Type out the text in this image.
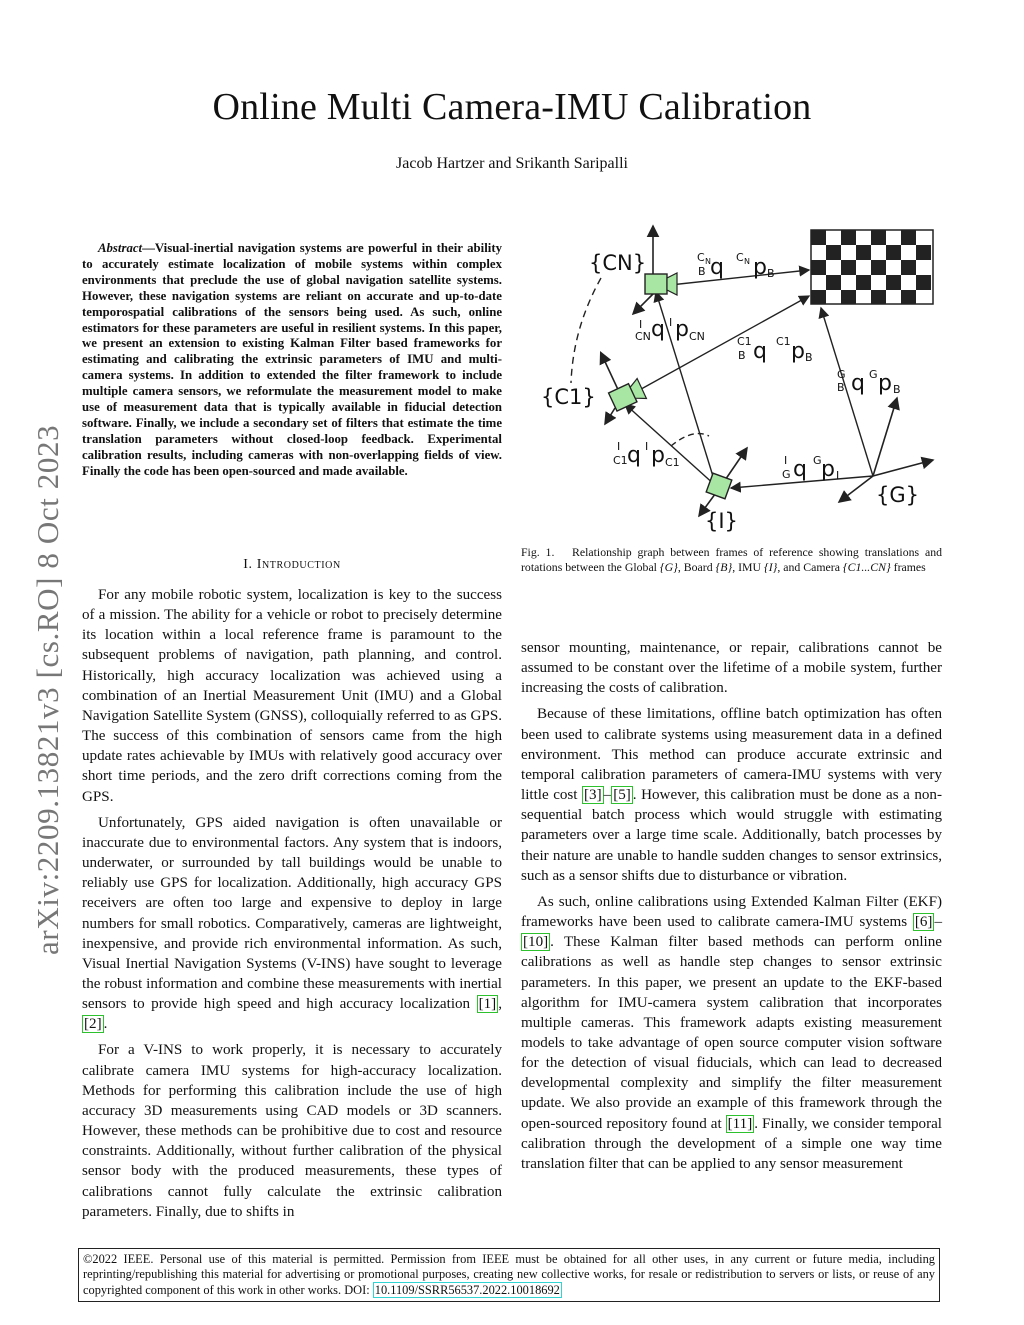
Online Multi Camera-IMU Calibration
Jacob Hartzer and Srikanth Saripalli
arXiv:2209.13821v3 [cs.RO] 8 Oct 2023
Abstract—Visual-inertial navigation systems are powerful in their ability to accurately estimate localization of mobile systems within complex environments that preclude the use of global navigation satellite systems. However, these navigation systems are reliant on accurate and up-to-date temporospatial calibrations of the sensors being used. As such, online estimators for these parameters are useful in resilient systems. In this paper, we present an extension to existing Kalman Filter based frameworks for estimating and calibrating the extrinsic parameters of IMU and multi-camera systems. In addition to extended the filter framework to include multiple camera sensors, we reformulate the measurement model to make use of measurement data that is typically available in fiducial detection software. Finally, we include a secondary set of filters that estimate the time translation parameters without closed-loop feedback. Experimental calibration results, including cameras with non-overlapping fields of view. Finally the code has been open-sourced and made available.
I. Introduction

For any mobile robotic system, localization is key to the success of a mission. The ability for a vehicle or robot to precisely determine its location within a local reference frame is paramount to the subsequent problems of navigation, path planning, and control. Historically, high accuracy localization was achieved using a combination of an Inertial Measurement Unit (IMU) and a Global Navigation Satellite System (GNSS), colloquially referred to as GPS. The success of this combination of sensors came from the high update rates achievable by IMUs with relatively good accuracy over short time periods, and the zero drift corrections coming from the GPS.

Unfortunately, GPS aided navigation is often unavailable or inaccurate due to environmental factors. Any system that is indoors, underwater, or surrounded by tall buildings would be unable to reliably use GPS for localization. Additionally, high accuracy GPS receivers are often too large and expensive to deploy in large numbers for small robotics. Comparatively, cameras are lightweight, inexpensive, and provide rich environmental information. As such, Visual Inertial Navigation Systems (V-INS) have sought to leverage the robust information and combine these measurements with inertial sensors to provide high speed and high accuracy localization [1] , [2] .

For a V-INS to work properly, it is necessary to accurately calibrate camera IMU systems for high-accuracy localization. Methods for performing this calibration include the use of high accuracy 3D measurements using CAD models or 3D scanners. However, these methods can be prohibitive due to cost and resource constraints. Additionally, without further calibration of the physical sensor body with the produced measurements, these types of calibrations cannot fully calculate the extrinsic calibration parameters. Finally, due to shifts in

{CN}
{C1}
{I}
{G}
C N
B q C N p B
I
CN q I p CN	C1
B q C1 p B
G
B q G p B
I
C1 q I p C1	I
G q G p I
Fig. 1. Relationship graph between frames of reference showing translations and rotations between the Global {G}, Board {B}, IMU {I}, and Camera {C1...CN} frames

sensor mounting, maintenance, or repair, calibrations cannot be assumed to be constant over the lifetime of a mobile system, further increasing the costs of calibration.

Because of these limitations, offline batch optimization has often been used to calibrate systems using measurement data in a defined environment. This method can produce accurate extrinsic and temporal calibration parameters of camera-IMU systems with very little cost [3] – [5] . However, this calibration must be done as a non-sequential batch process which would struggle with estimating parameters over a large time scale. Additionally, batch processes by their nature are unable to handle sudden changes to sensor extrinsics, such as a sensor shifts due to disturbance or vibration.

As such, online calibrations using Extended Kalman Filter (EKF) frameworks have been used to calibrate camera-IMU systems [6] –[10] . These Kalman filter based methods can perform online calibrations as well as handle step changes to sensor extrinsic parameters. In this paper, we present an update to the EKF-based algorithm for IMU-camera system calibration that incorporates multiple cameras. This framework adapts existing measurement models to take advantage of open source computer vision software for the detection of visual fiducials, which can lead to decreased developmental complexity and simplify the filter measurement update. We also provide an example of this framework through the open-sourced repository found at [11] . Finally, we consider temporal calibration through the development of a simple one way time translation filter that can be applied to any sensor measurement

©2022 IEEE. Personal use of this material is permitted. Permission from IEEE must be obtained for all other uses, in any current or future media, including reprinting/republishing this material for advertising or promotional purposes, creating new collective works, for resale or redistribution to servers or lists, or reuse of any copyrighted component of this work in other works. DOI: 10.1109/SSRR56537.2022.10018692
